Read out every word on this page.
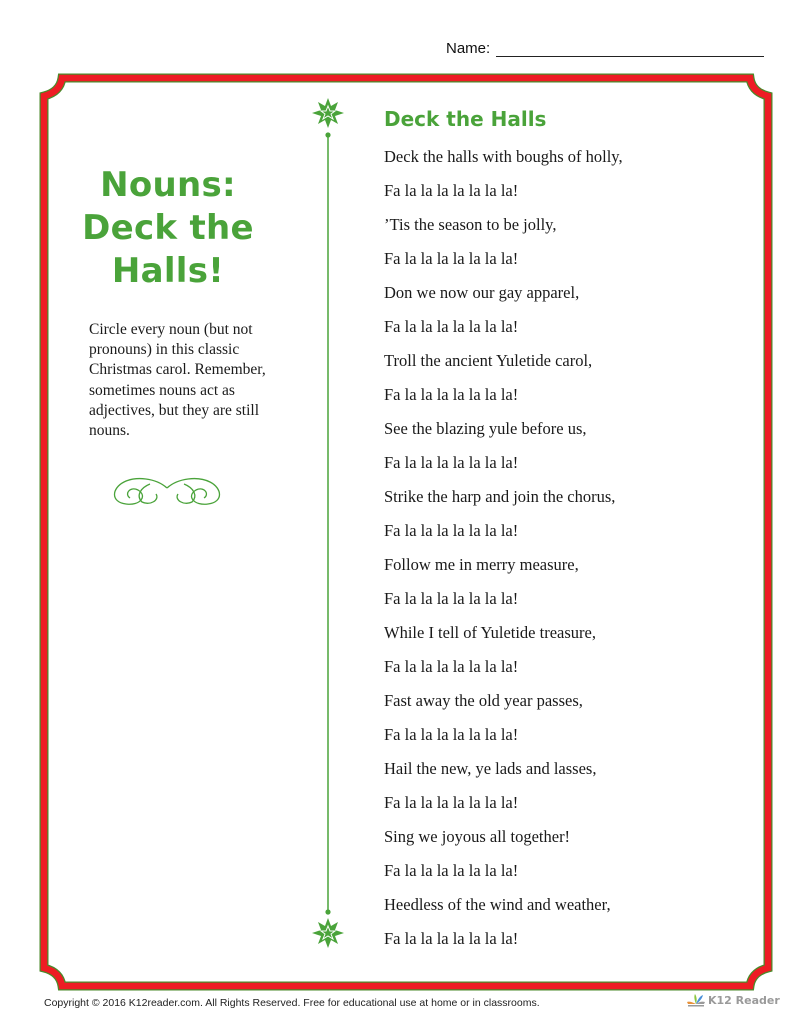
Name:
Nouns:
Deck the
Halls!
Circle every noun (but not pronouns) in this classic Christmas carol. Remember, sometimes nouns act as adjectives, but they are still nouns.
Deck the Halls
Deck the halls with boughs of holly,
Fa la la la la la la la!
’Tis the season to be jolly,
Fa la la la la la la la!
Don we now our gay apparel,
Fa la la la la la la la!
Troll the ancient Yuletide carol,
Fa la la la la la la la!
See the blazing yule before us,
Fa la la la la la la la!
Strike the harp and join the chorus,
Fa la la la la la la la!
Follow me in merry measure,
Fa la la la la la la la!
While I tell of Yuletide treasure,
Fa la la la la la la la!
Fast away the old year passes,
Fa la la la la la la la!
Hail the new, ye lads and lasses,
Fa la la la la la la la!
Sing we joyous all together!
Fa la la la la la la la!
Heedless of the wind and weather,
Fa la la la la la la la!
Copyright © 2016 K12reader.com. All Rights Reserved. Free for educational use at home or in classrooms.	K12 Reader
